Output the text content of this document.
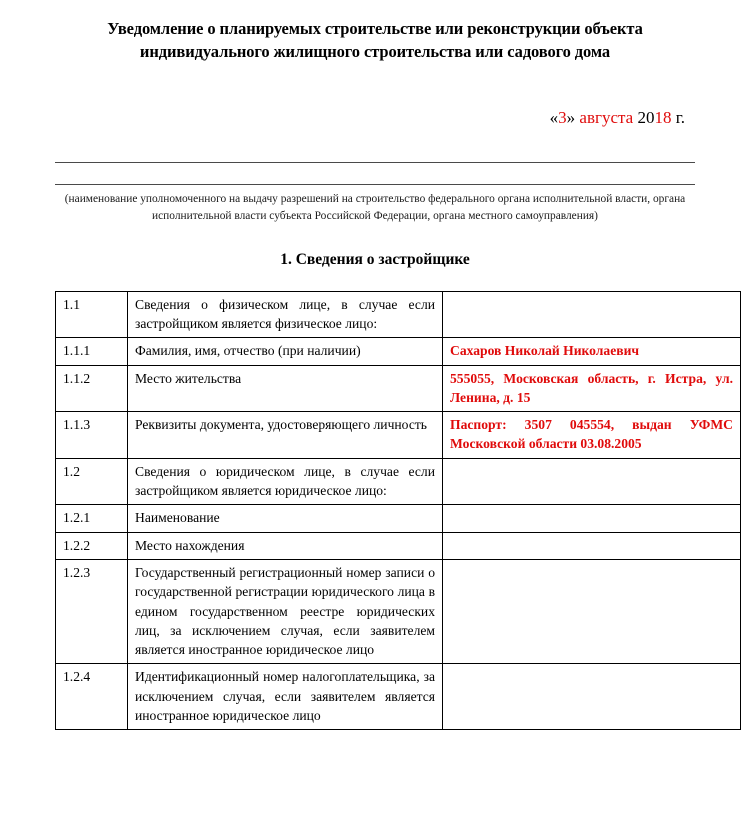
Уведомление о планируемых строительстве или реконструкции объекта
индивидуального жилищного строительства или садового дома
«3» августа 2018 г.

(наименование уполномоченного на выдачу разрешений на строительство федерального органа исполнительной власти, органа исполнительной власти субъекта Российской Федерации, органа местного самоуправления)

1. Сведения о застройщике
1.1	Сведения о физическом лице, в случае если застройщиком является физическое лицо:	
1.1.1	Фамилия, имя, отчество (при наличии)	Сахаров Николай Николаевич
1.1.2	Место жительства	555055, Московская область, г. Истра, ул. Ленина, д. 15
1.1.3	Реквизиты документа, удостоверяющего личность	Паспорт: 3507 045554, выдан УФМС Московской области 03.08.2005
1.2	Сведения о юридическом лице, в случае если застройщиком является юридическое лицо:	
1.2.1	Наименование	
1.2.2	Место нахождения	
1.2.3	Государственный регистрационный номер записи о государственной регистрации юридического лица в едином государственном реестре юридических лиц, за исключением случая, если заявителем является иностранное юридическое лицо	
1.2.4	Идентификационный номер налогоплательщика, за исключением случая, если заявителем является иностранное юридическое лицо	
